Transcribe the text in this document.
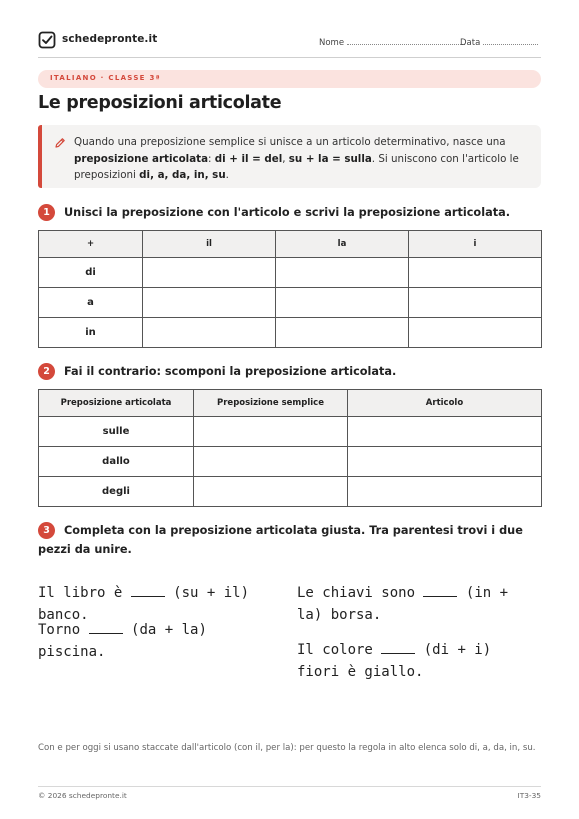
schedepronte.it	Nome	Data
ITALIANO · CLASSE 3ª
Le preposizioni articolate
Quando una preposizione semplice si unisce a un articolo determinativo, nasce una preposizione articolata: di + il = del, su + la = sulla. Si uniscono con l'articolo le preposizioni di, a, da, in, su.
1	Unisci la preposizione con l'articolo e scrivi la preposizione articolata.
+	il	la	i
di			
a			
in			
2	Fai il contrario: scomponi la preposizione articolata.
Preposizione articolata	Preposizione semplice	Articolo
sulle		
dallo		
degli		
3	Completa con la preposizione articolata giusta. Tra parentesi trovi i due pezzi da unire.
Il libro è	(su + il) banco.
Torno	(da + la) piscina.
Le chiavi sono	(in + la) borsa.
Il colore	(di + i) fiori è giallo.
Con e per oggi si usano staccate dall'articolo (con il, per la): per questo la regola in alto elenca solo di, a, da, in, su.
© 2026 schedepronte.it	IT3-35
